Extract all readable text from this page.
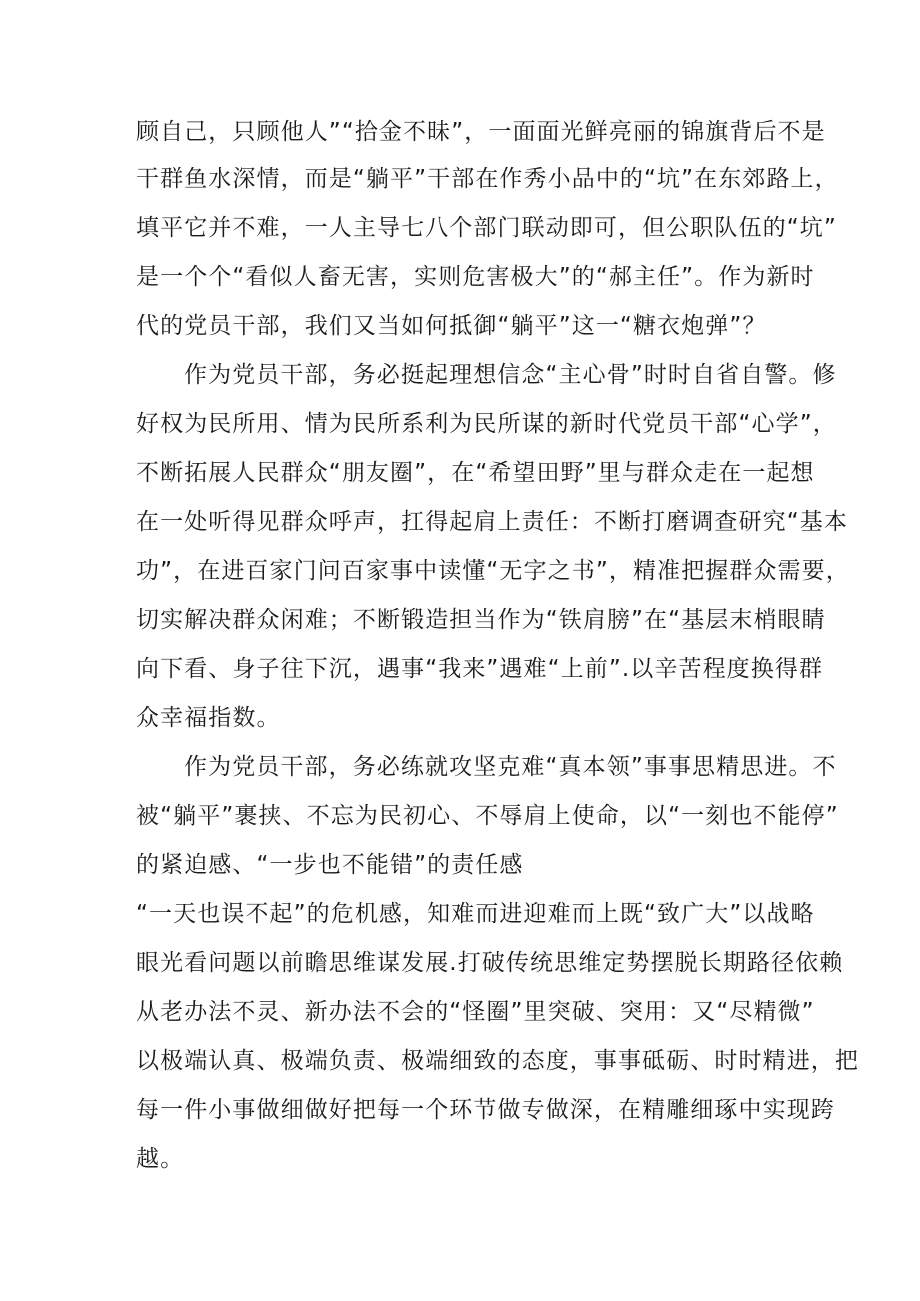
顾自己，只顾他人”“拾金不昧”，一面面光鲜亮丽的锦旗背后不是
干群鱼水深情，而是“躺平”干部在作秀小品中的“坑”在东郊路上，
填平它并不难，一人主导七八个部门联动即可，但公职队伍的“坑”
是一个个“看似人畜无害，实则危害极大”的“郝主任”。作为新时
代的党员干部，我们又当如何抵御“躺平”这一“糖衣炮弹”？
作为党员干部，务必挺起理想信念“主心骨”时时自省自警。修
好权为民所用、情为民所系利为民所谋的新时代党员干部“心学”，
不断拓展人民群众“朋友圈”，在“希望田野”里与群众走在一起想
在一处听得见群众呼声，扛得起肩上责任：不断打磨调查研究“基本
功”，在进百家门问百家事中读懂“无字之书”，精准把握群众需要，
切实解决群众闲难；不断锻造担当作为“铁肩膀”在“基层末梢眼睛
向下看、身子往下沉，遇事“我来”遇难“上前”.以辛苦程度换得群
众幸福指数。
作为党员干部，务必练就攻坚克难“真本领”事事思精思进。不
被“躺平”裹挟、不忘为民初心、不辱肩上使命，以“一刻也不能停”
的紧迫感、“一步也不能错”的责任感
“一天也误不起”的危机感，知难而进迎难而上既“致广大”以战略
眼光看问题以前瞻思维谋发展.打破传统思维定势摆脱长期路径依赖
从老办法不灵、新办法不会的“怪圈”里突破、突用：又“尽精微”
以极端认真、极端负责、极端细致的态度，事事砥砺、时时精进，把
每一件小事做细做好把每一个环节做专做深，在精雕细琢中实现跨
越。
